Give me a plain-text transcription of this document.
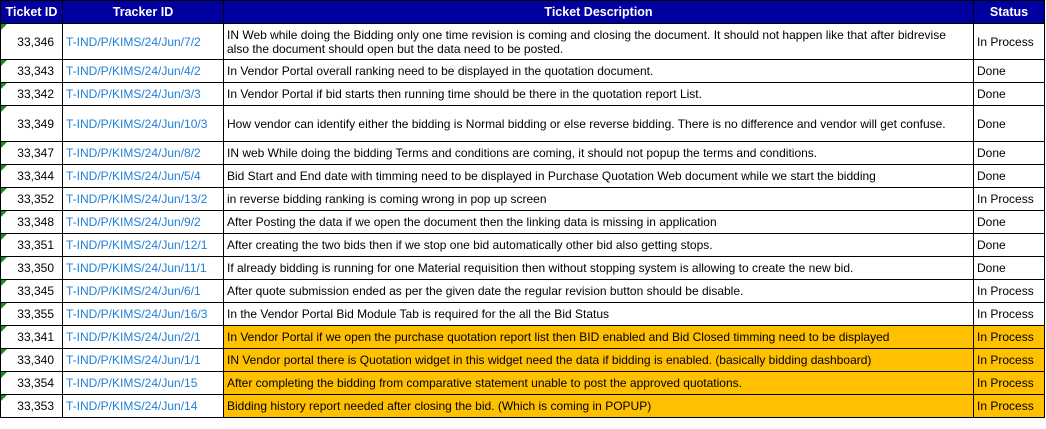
Ticket ID	Tracker ID	Ticket Description	Status
33,346	T-IND/P/KIMS/24/Jun/7/2	IN Web while doing the Bidding only one time revision is coming and closing the document. It should not happen like that after bidrevise also the document should open but the data need to be posted.	In Process
33,343	T-IND/P/KIMS/24/Jun/4/2	In Vendor Portal overall ranking need to be displayed in the quotation document.	Done
33,342	T-IND/P/KIMS/24/Jun/3/3	In Vendor Portal if bid starts then running time should be there in the quotation report List.	Done
33,349	T-IND/P/KIMS/24/Jun/10/3	How vendor can identify either the bidding is Normal bidding or else reverse bidding. There is no difference and vendor will get confuse.	Done
33,347	T-IND/P/KIMS/24/Jun/8/2	IN web While doing the bidding Terms and conditions are coming, it should not popup the terms and conditions.	Done
33,344	T-IND/P/KIMS/24/Jun/5/4	Bid Start and End date with timming need to be displayed in Purchase Quotation Web document while we start the bidding	Done
33,352	T-IND/P/KIMS/24/Jun/13/2	in reverse bidding ranking is coming wrong in pop up screen	In Process
33,348	T-IND/P/KIMS/24/Jun/9/2	After Posting the data if we open the document then the linking data is missing in application	Done
33,351	T-IND/P/KIMS/24/Jun/12/1	After creating the two bids then if we stop one bid automatically other bid also getting stops.	Done
33,350	T-IND/P/KIMS/24/Jun/11/1	If already bidding is running for one Material requisition then without stopping system is allowing to create the new bid.	Done
33,345	T-IND/P/KIMS/24/Jun/6/1	After quote submission ended as per the given date the regular revision button should be disable.	In Process
33,355	T-IND/P/KIMS/24/Jun/16/3	In the Vendor Portal Bid Module Tab is required for the all the Bid Status	In Process
33,341	T-IND/P/KIMS/24/Jun/2/1	In Vendor Portal if we open the purchase quotation report list then BID enabled and Bid Closed timming need to be displayed	In Process
33,340	T-IND/P/KIMS/24/Jun/1/1	IN Vendor portal there is Quotation widget in this widget need the data if bidding is enabled. (basically bidding dashboard)	In Process
33,354	T-IND/P/KIMS/24/Jun/15	After completing the bidding from comparative statement unable to post the approved quotations.	In Process
33,353	T-IND/P/KIMS/24/Jun/14	Bidding history report needed after closing the bid. (Which is coming in POPUP)	In Process
